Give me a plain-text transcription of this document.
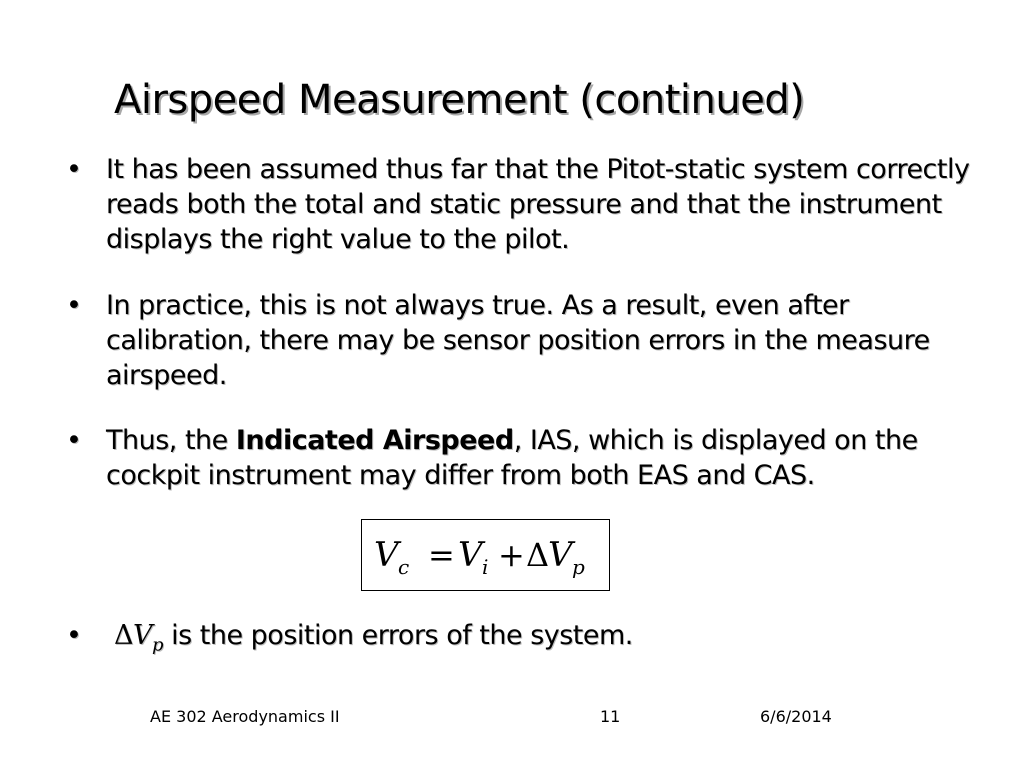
Airspeed Measurement (continued)
• It has been assumed thus far that the Pitot-static system correctly reads both the total and static pressure and that the instrument displays the right value to the pilot.
• In practice, this is not always true. As a result, even after calibration, there may be sensor position errors in the measure airspeed.
• Thus, the Indicated Airspeed, IAS, which is displayed on the cockpit instrument may differ from both EAS and CAS.
V c = V i + Δ
V p
•	$\Delta V_p$ is the position errors of the system.
AE 302 Aerodynamics II	11	6/6/2014
